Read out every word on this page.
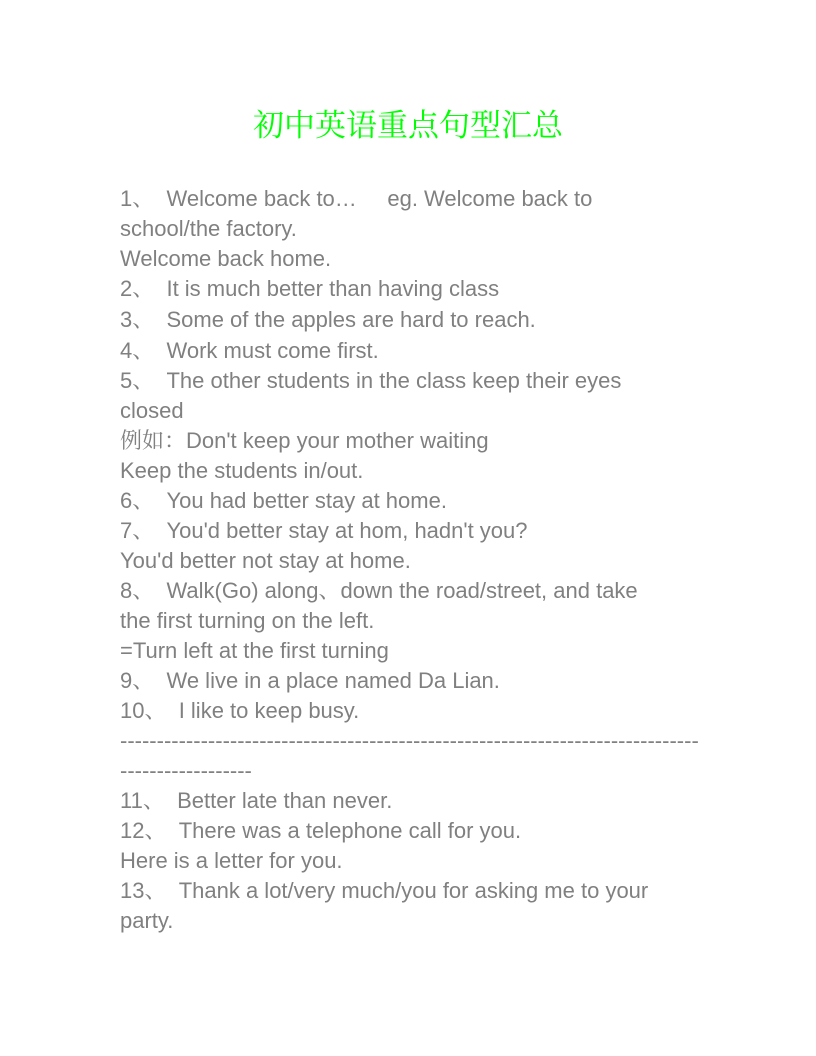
初中英语重点句型汇总
1、  Welcome back to…     eg. Welcome back to
school/the factory.
Welcome back home.
2、  It is much better than having class
3、  Some of the apples are hard to reach.
4、  Work must come first.
5、  The other students in the class keep their eyes
closed
例如：Don't keep your mother waiting
Keep the students in/out.
6、  You had better stay at home.
7、  You'd better stay at hom, hadn't you?
You'd better not stay at home.
8、  Walk(Go) along、down the road/street, and take
the first turning on the left.
=Turn left at the first turning
9、  We live in a place named Da Lian.
10、  I like to keep busy.
-------------------------------------------------------------------------------
------------------
11、  Better late than never.
12、  There was a telephone call for you.
Here is a letter for you.
13、  Thank a lot/very much/you for asking me to your
party.
